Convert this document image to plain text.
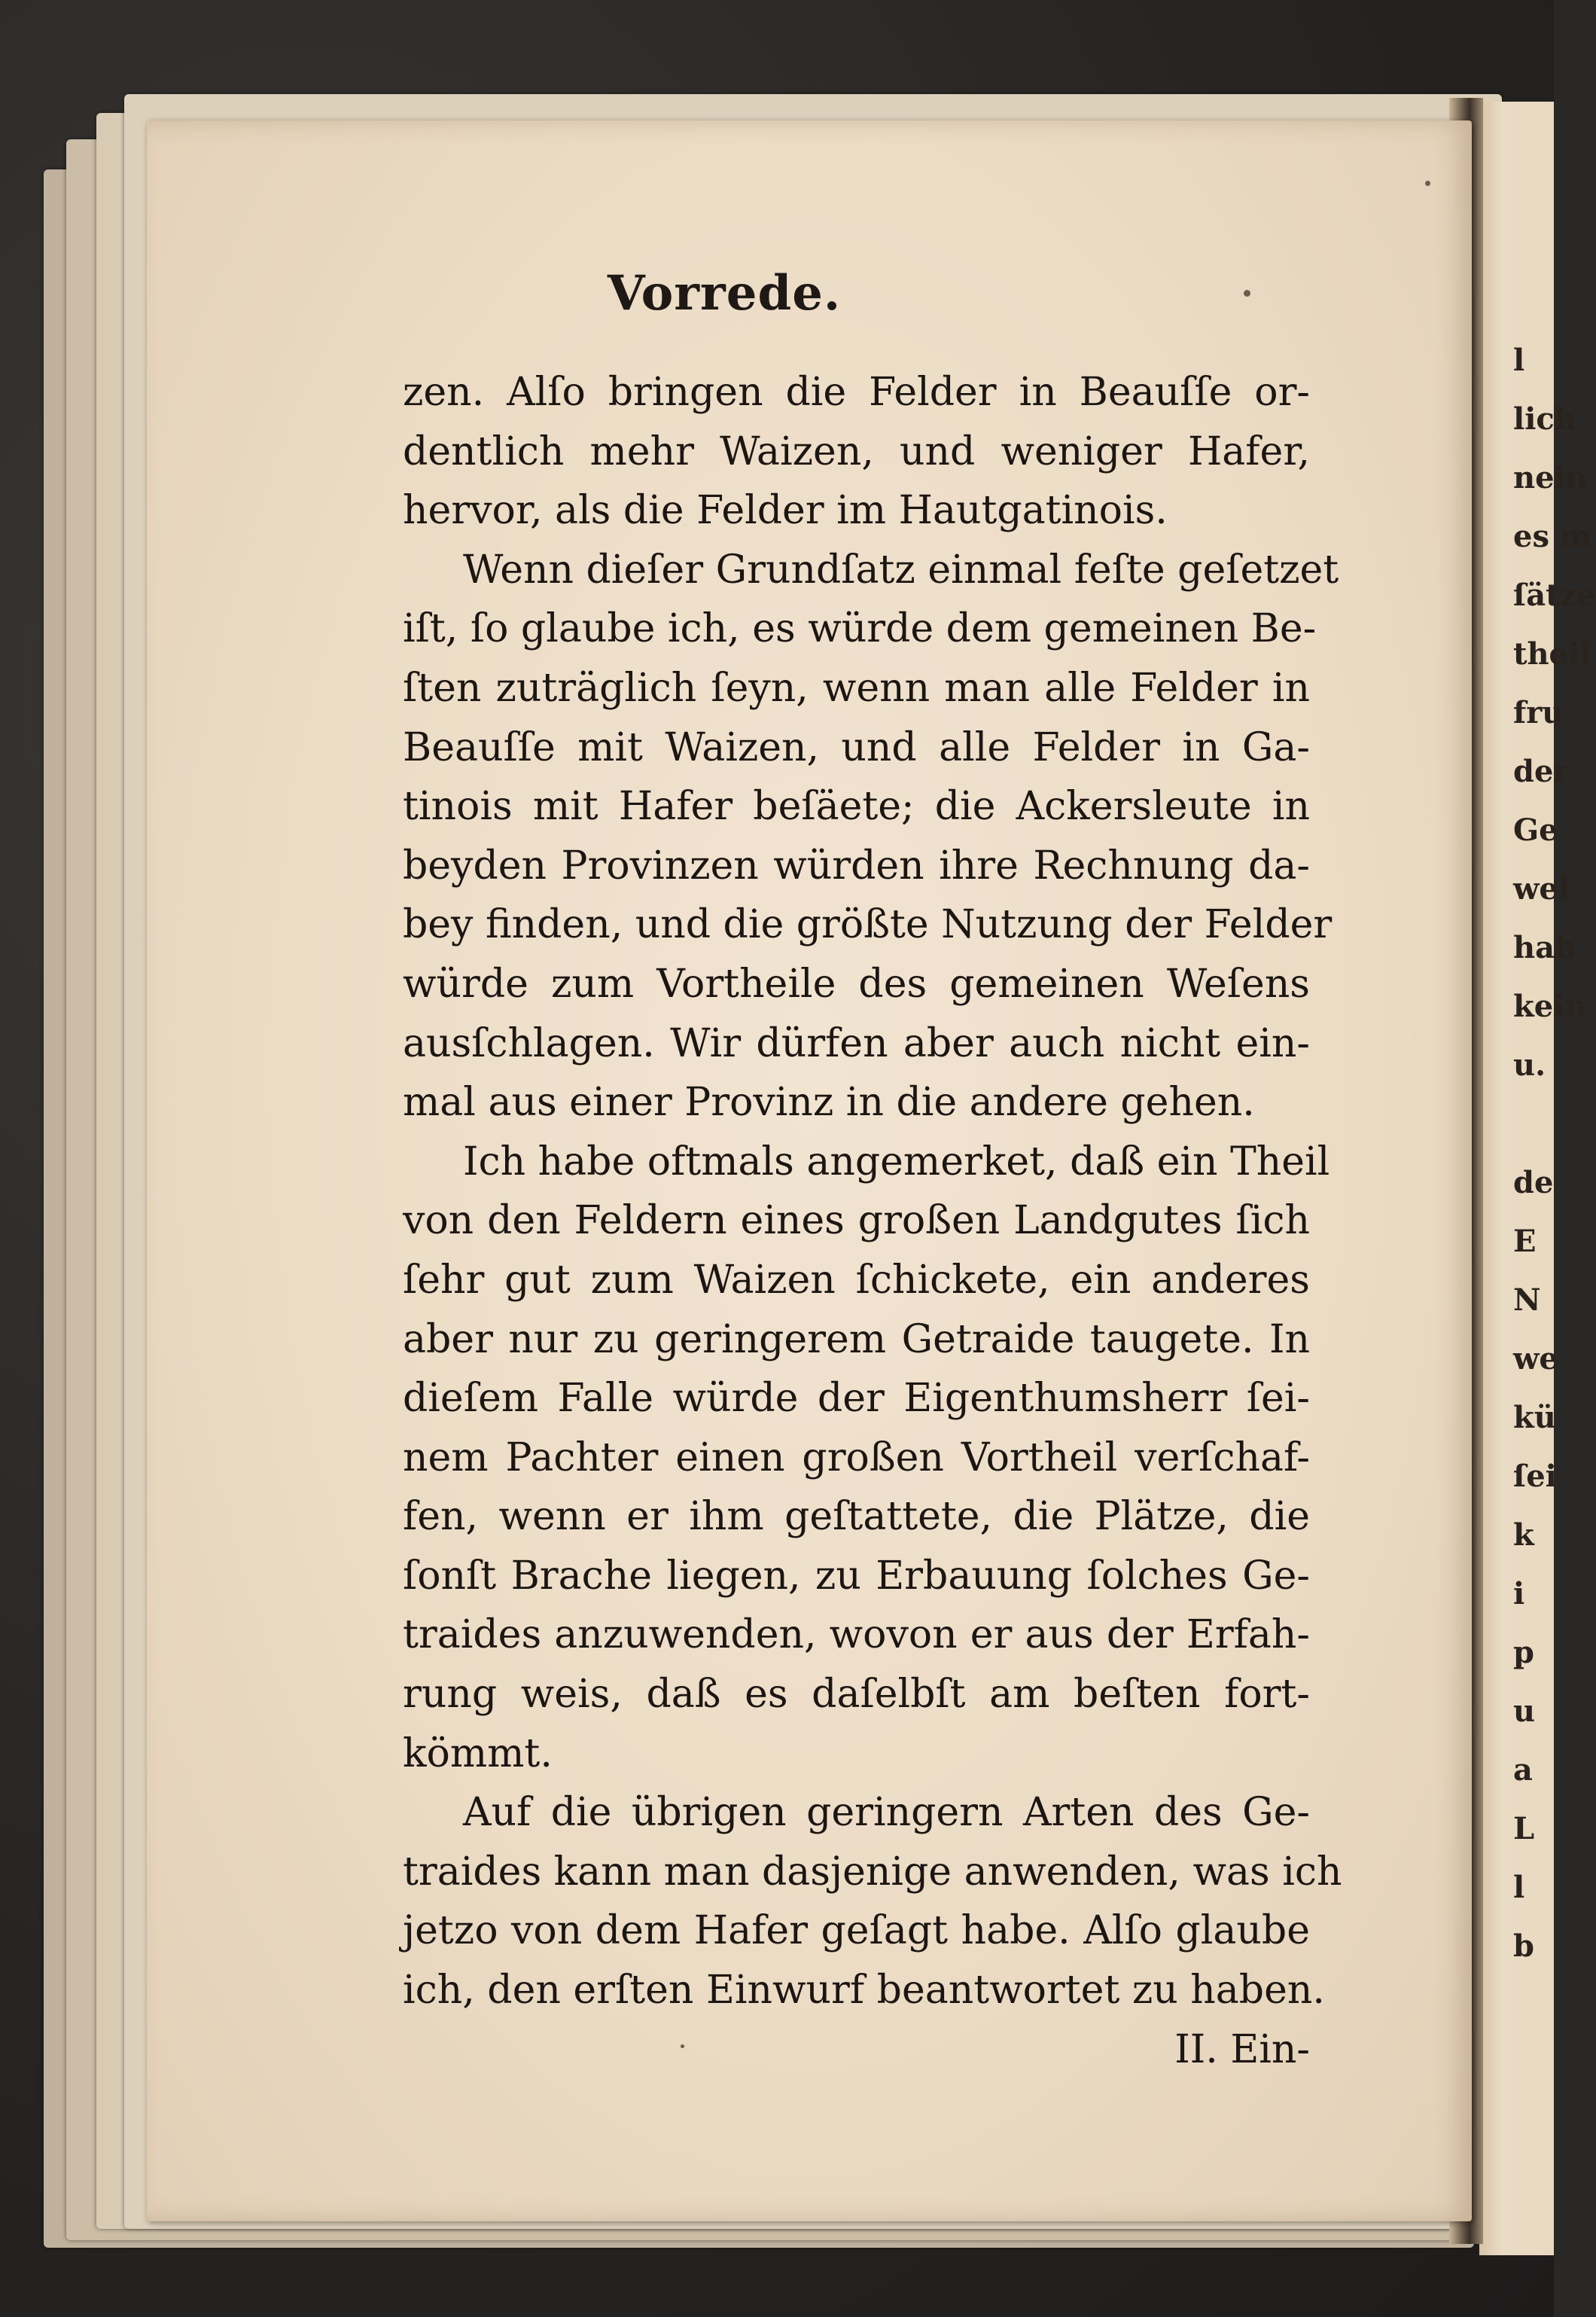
Vorrede.
zen. Alſo bringen die Felder in Beauſſe or-
dentlich mehr Waizen, und weniger Hafer,
hervor, als die Felder im Hautgatinois.
Wenn dieſer Grundſatz einmal feſte geſetzet
iſt, ſo glaube ich, es würde dem gemeinen Be-
ſten zuträglich ſeyn, wenn man alle Felder in
Beauſſe mit Waizen, und alle Felder in Ga-
tinois mit Hafer beſäete; die Ackersleute in
beyden Provinzen würden ihre Rechnung da-
bey finden, und die größte Nutzung der Felder
würde zum Vortheile des gemeinen Weſens
ausſchlagen. Wir dürfen aber auch nicht ein-
mal aus einer Provinz in die andere gehen.
Ich habe oftmals angemerket, daß ein Theil
von den Feldern eines großen Landgutes ſich
ſehr gut zum Waizen ſchickete, ein anderes
aber nur zu geringerem Getraide taugete. In
dieſem Falle würde der Eigenthumsherr ſei-
nem Pachter einen großen Vortheil verſchaf-
fen, wenn er ihm geſtattete, die Plätze, die
ſonſt Brache liegen, zu Erbauung ſolches Ge-
traides anzuwenden, wovon er aus der Erfah-
rung weis, daß es daſelbſt am beſten fort-
kömmt.
Auf die übrigen geringern Arten des Ge-
traides kann man dasjenige anwenden, was ich
jetzo von dem Hafer geſagt habe. Alſo glaube
ich, den erſten Einwurf beantwortet zu haben.
II. Ein-
l
lich
nein
es m
ſätze
theil
fru
der
Ge
wel
hab
kein
u.
de
E
N
we
kü
ſei
k
i
p
u
a
L
l
b
